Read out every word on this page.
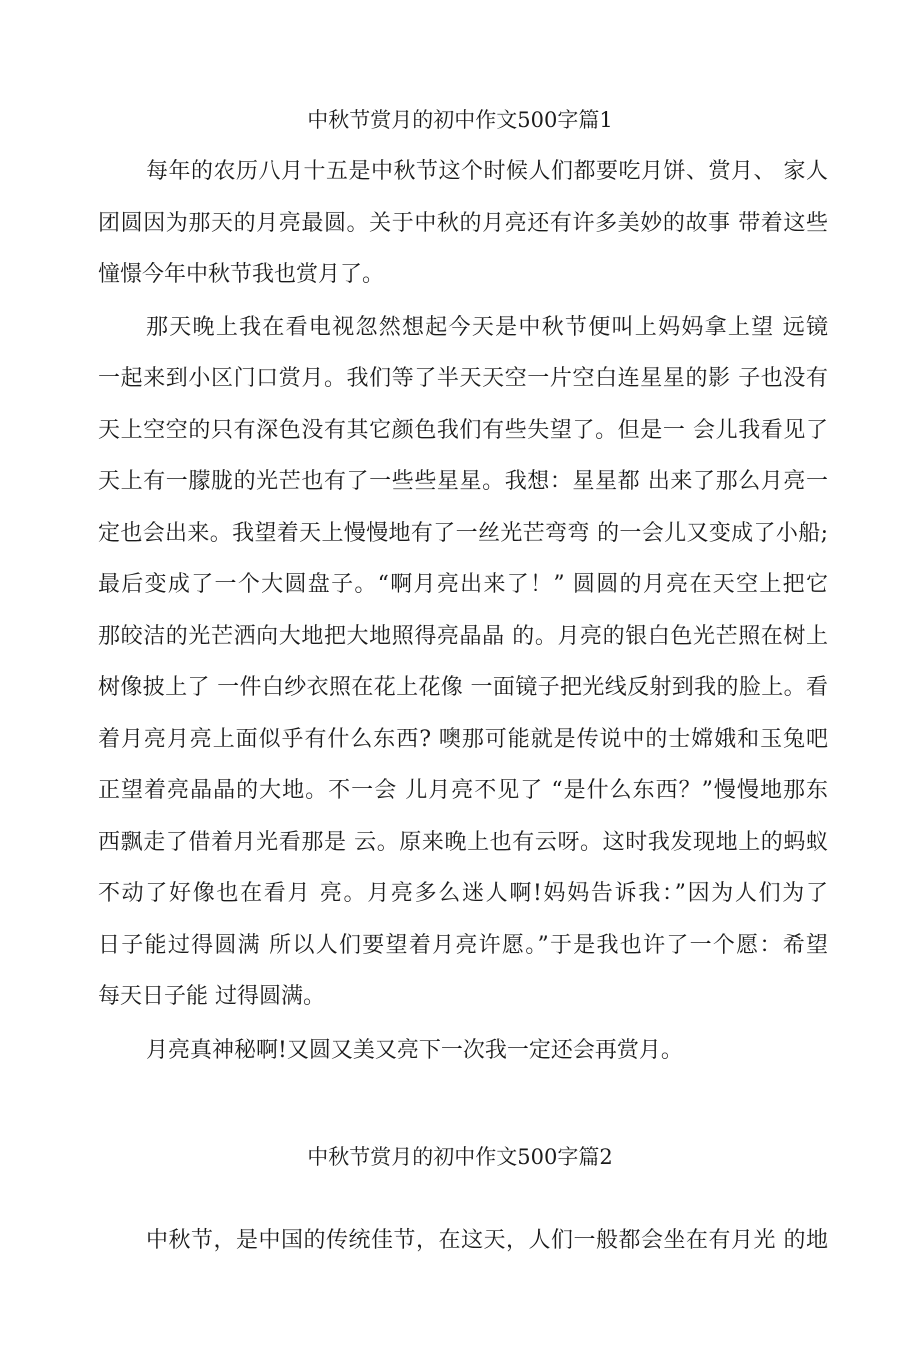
中秋节赏月的初中作文500字篇1
每年的农历八月十五是中秋节这个时候人们都要吃月饼、赏月、 家人
团圆因为那天的月亮最圆。关于中秋的月亮还有许多美妙的故事 带着这些
憧憬今年中秋节我也赏月了。
那天晚上我在看电视忽然想起今天是中秋节便叫上妈妈拿上望 远镜
一起来到小区门口赏月。我们等了半天天空一片空白连星星的影 子也没有
天上空空的只有深色没有其它颜色我们有些失望了。但是一 会儿我看见了
天上有一朦胧的光芒也有了一些些星星。我想：星星都 出来了那么月亮一
定也会出来。我望着天上慢慢地有了一丝光芒弯弯 的一会儿又变成了小船;
最后变成了一个大圆盘子。“啊月亮出来了！” 圆圆的月亮在天空上把它
那皎洁的光芒洒向大地把大地照得亮晶晶 的。月亮的银白色光芒照在树上
树像披上了 一件白纱衣照在花上花像 一面镜子把光线反射到我的脸上。看
着月亮月亮上面似乎有什么东西? 噢那可能就是传说中的士嫦娥和玉兔吧
正望着亮晶晶的大地。不一会 儿月亮不见了 “是什么东西？”慢慢地那东
西飘走了借着月光看那是 云。原来晚上也有云呀。这时我发现地上的蚂蚁
不动了好像也在看月 亮。月亮多么迷人啊!妈妈告诉我：”因为人们为了
日子能过得圆满 所以人们要望着月亮许愿。”于是我也许了一个愿：希望
每天日子能 过得圆满。
月亮真神秘啊!又圆又美又亮下一次我一定还会再赏月。
中秋节赏月的初中作文500字篇2
中秋节，是中国的传统佳节，在这天，人们一般都会坐在有月光 的地
